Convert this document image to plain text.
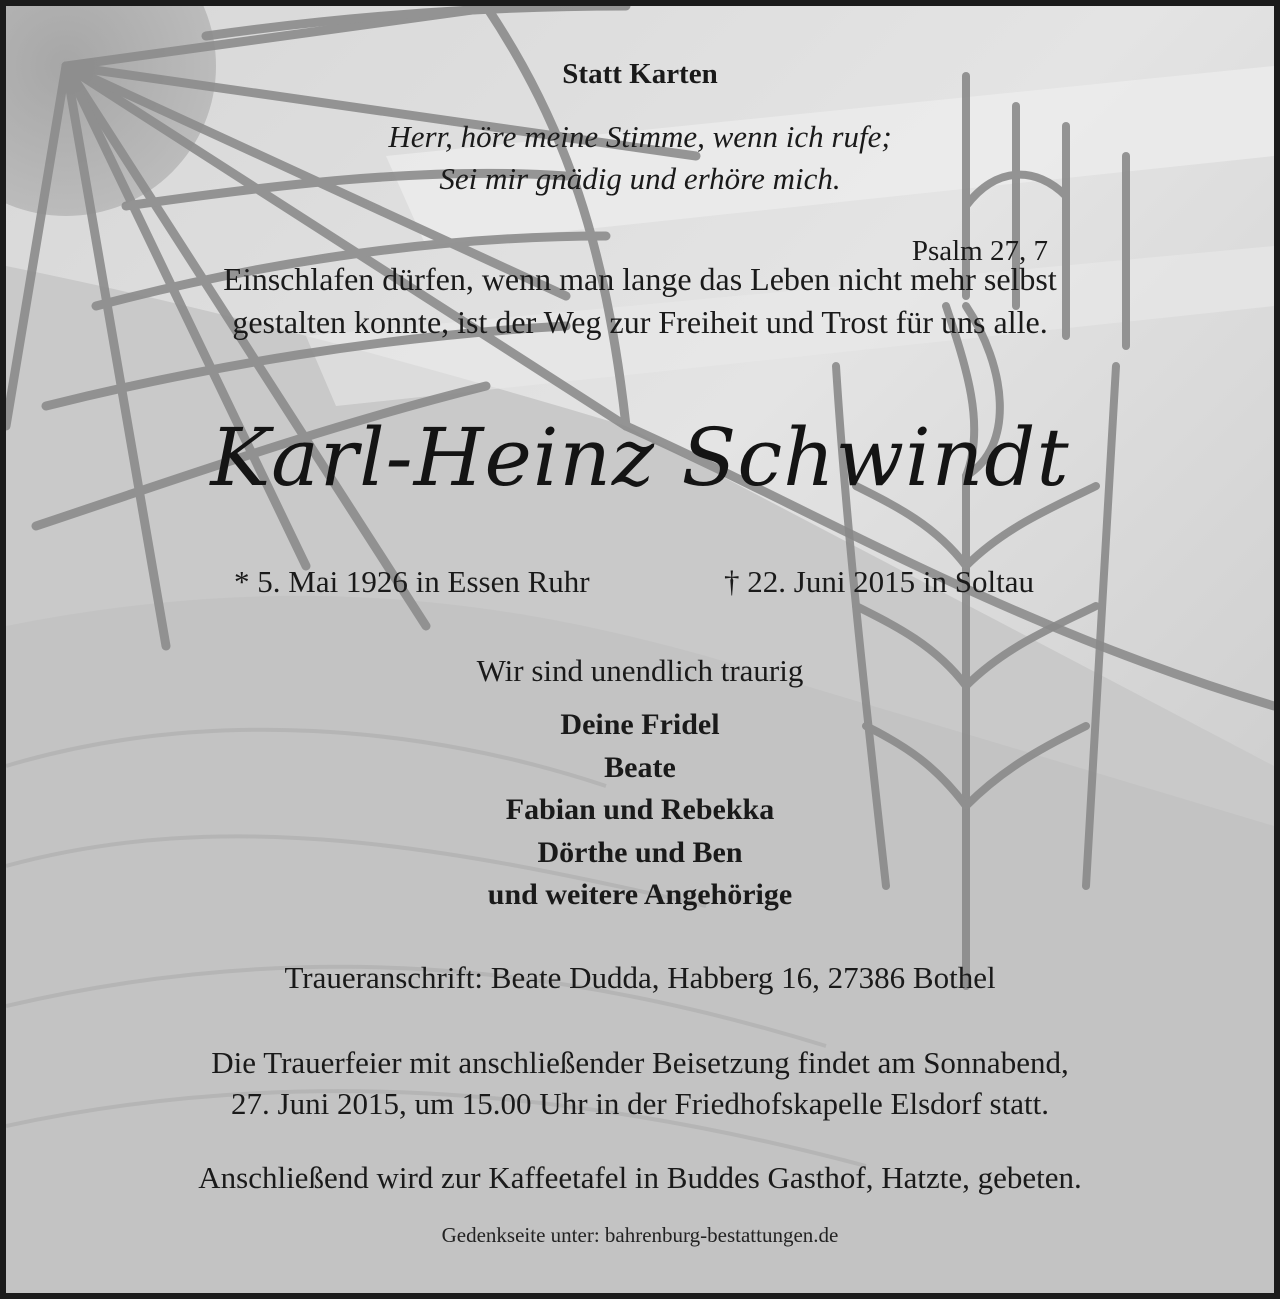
Statt Karten

Herr, höre meine Stimme, wenn ich rufe;

Sei mir gnädig und erhöre mich.

Psalm 27, 7

Einschlafen dürfen, wenn man lange das Leben nicht mehr selbst

gestalten konnte, ist der Weg zur Freiheit und Trost für uns alle.

Karl-Heinz Schwindt

* 5. Mai 1926 in Essen Ruhr	† 22. Juni 2015 in Soltau

Wir sind unendlich traurig

Deine Fridel

Beate

Fabian und Rebekka

Dörthe und Ben

und weitere Angehörige

Traueranschrift: Beate Dudda, Habberg 16, 27386 Bothel

Die Trauerfeier mit anschließender Beisetzung findet am Sonnabend,

27. Juni 2015, um 15.00 Uhr in der Friedhofskapelle Elsdorf statt.

Anschließend wird zur Kaffeetafel in Buddes Gasthof, Hatzte, gebeten.

Gedenkseite unter: bahrenburg-bestattungen.de
